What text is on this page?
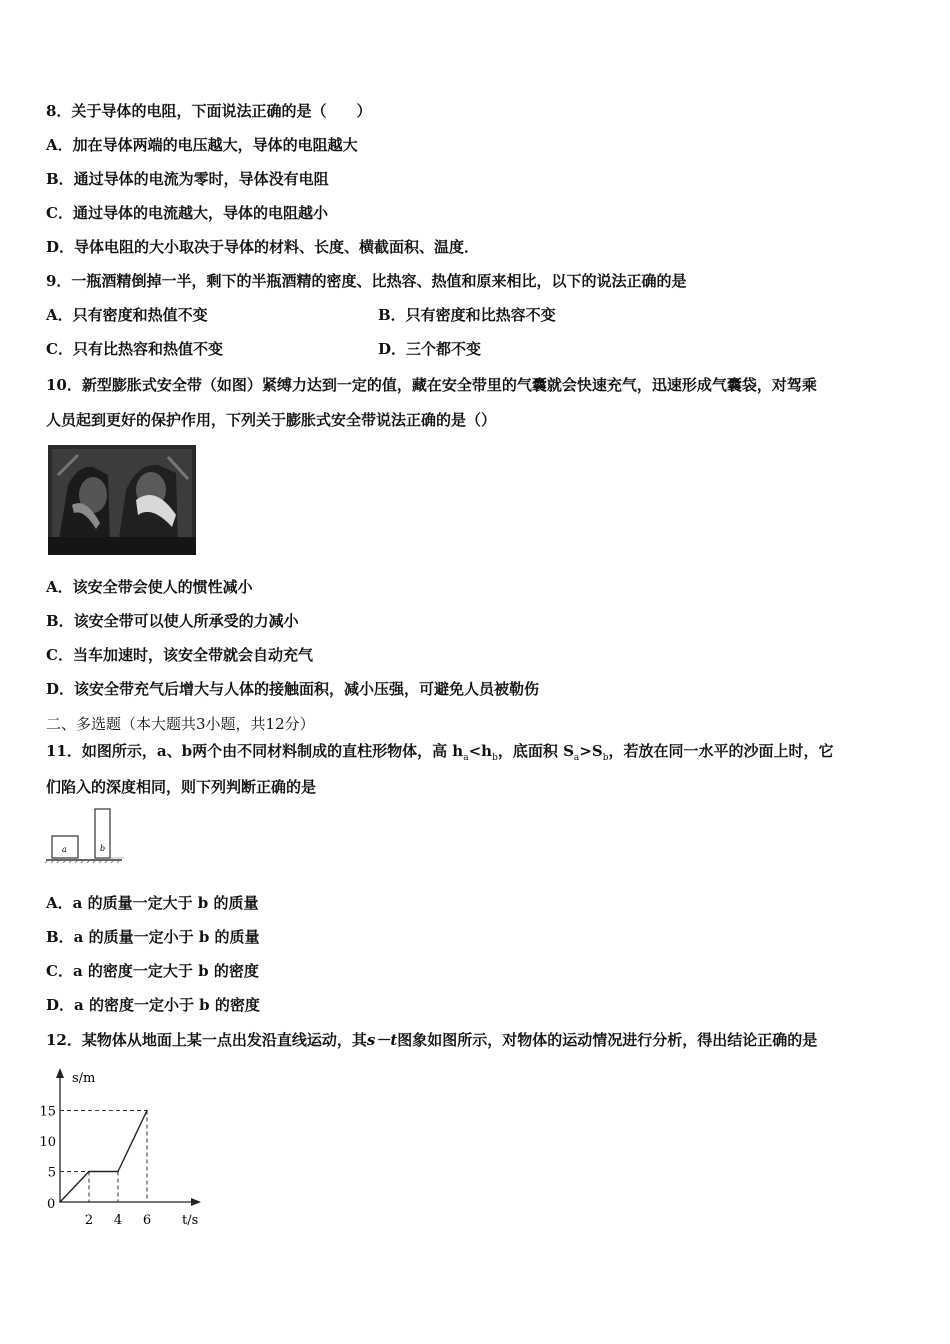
8．关于导体的电阻，下面说法正确的是（　　）
A．加在导体两端的电压越大，导体的电阻越大
B．通过导体的电流为零时，导体没有电阻
C．通过导体的电流越大，导体的电阻越小
D．导体电阻的大小取决于导体的材料、长度、横截面积、温度．
9．一瓶酒精倒掉一半，剩下的半瓶酒精的密度、比热容、热值和原来相比，以下的说法正确的是
A．只有密度和热值不变	B．只有密度和比热容不变
C．只有比热容和热值不变	D．三个都不变
10．新型膨胀式安全带（如图）紧缚力达到一定的值，藏在安全带里的气囊就会快速充气，迅速形成气囊袋，对驾乘
人员起到更好的保护作用，下列关于膨胀式安全带说法正确的是（）
A．该安全带会使人的惯性减小
B．该安全带可以使人所承受的力减小
C．当车加速时，该安全带就会自动充气
D．该安全带充气后增大与人体的接触面积，减小压强，可避免人员被勒伤
二、多选题（本大题共3小题，共12分）
11．如图所示，a、b两个由不同材料制成的直柱形物体，高 $h_a<h_b$，底面积 $S_a>S_b$，若放在同一水平的沙面上时，它
们陷入的深度相同，则下列判断正确的是
a	b
A．a 的质量一定大于 b 的质量
B．a 的质量一定小于 b 的质量
C．a 的密度一定大于 b 的密度
D．a 的密度一定小于 b 的密度
12．某物体从地面上某一点出发沿直线运动，其s－t图象如图所示，对物体的运动情况进行分析，得出结论正确的是
t/s
s/m
0
5
10
15
2 4 6
